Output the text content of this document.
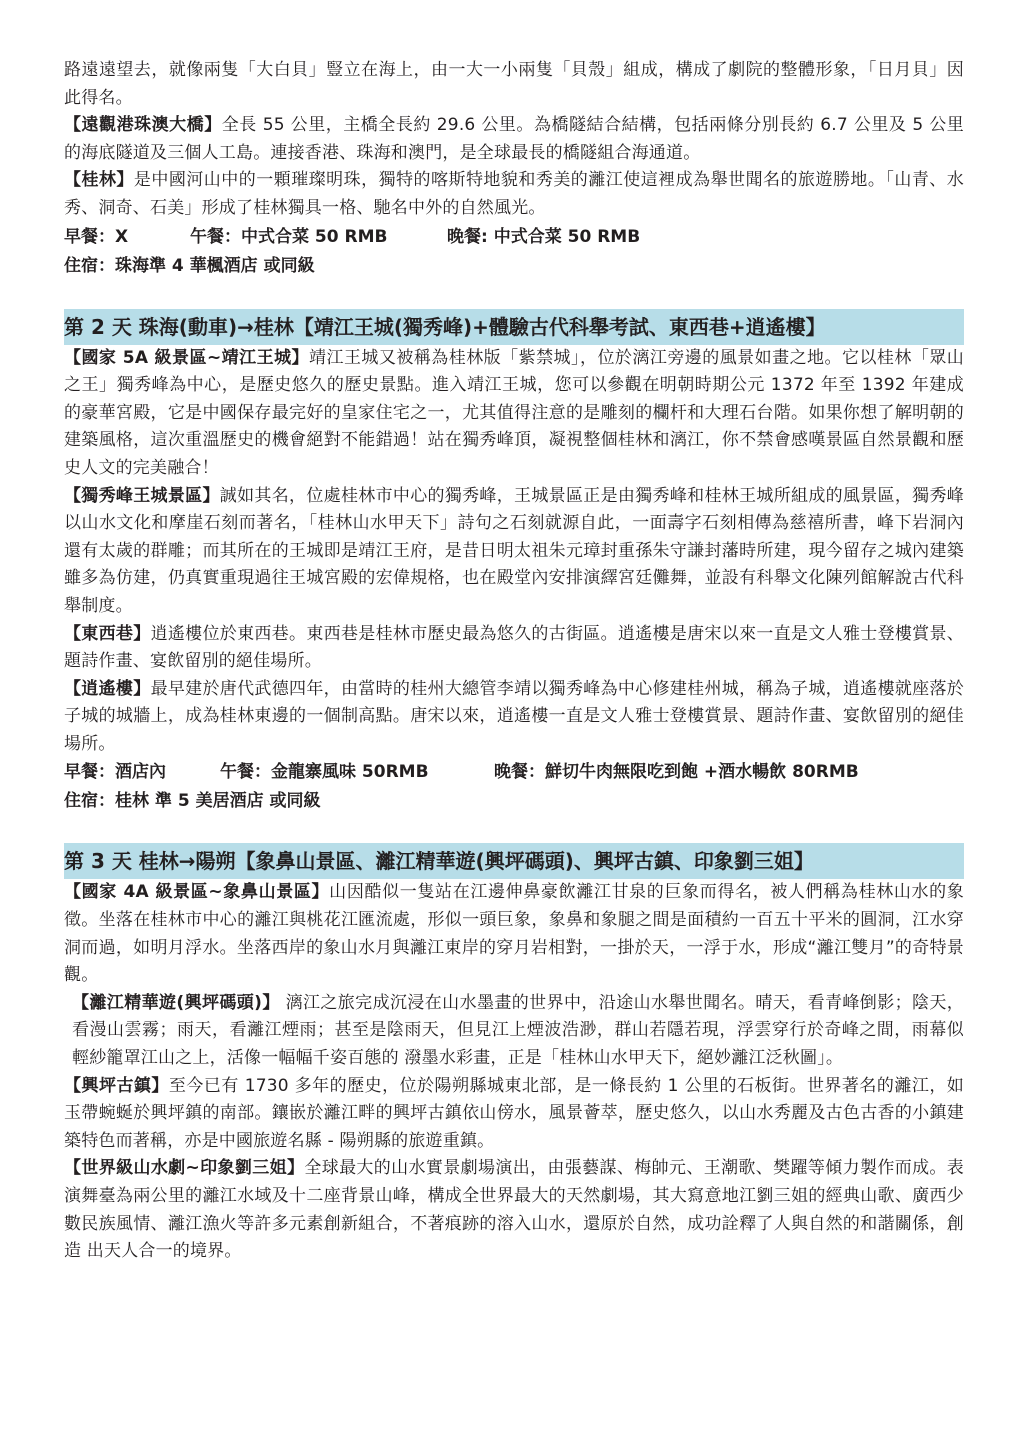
路遠遠望去，就像兩隻「大白貝」豎立在海上，由一大一小兩隻「貝殼」組成，構成了劇院的整體形象，「日月貝」因此得名。

【遠觀港珠澳大橋】全長 55 公里，主橋全長約 29.6 公里。為橋隧結合結構，包括兩條分別長約 6.7 公里及 5 公里的海底隧道及三個人工島。連接香港、珠海和澳門，是全球最長的橋隧組合海通道。

【桂林】是中國河山中的一顆璀璨明珠，獨特的喀斯特地貌和秀美的灕江使這裡成為舉世聞名的旅遊勝地。「山青、水秀、洞奇、石美」形成了桂林獨具一格、馳名中外的自然風光。

早餐：X	午餐：中式合菜 50 RMB	晚餐: 中式合菜 50 RMB

住宿：珠海準 4 華楓酒店 或同級

第 2 天 珠海(動車)→桂林【靖江王城(獨秀峰)+體驗古代科舉考試、東西巷+逍遙樓】

【國家 5A 級景區~靖江王城】靖江王城又被稱為桂林版「紫禁城」，位於漓江旁邊的風景如畫之地。它以桂林「眾山之王」獨秀峰為中心，是歷史悠久的歷史景點。進入靖江王城，您可以參觀在明朝時期公元 1372 年至 1392 年建成的豪華宮殿，它是中國保存最完好的皇家住宅之一，尤其值得注意的是雕刻的欄杆和大理石台階。如果你想了解明朝的建築風格，這次重溫歷史的機會絕對不能錯過！站在獨秀峰頂，凝視整個桂林和漓江，你不禁會感嘆景區自然景觀和歷史人文的完美融合！

【獨秀峰王城景區】誠如其名，位處桂林市中心的獨秀峰，王城景區正是由獨秀峰和桂林王城所組成的風景區，獨秀峰以山水文化和摩崖石刻而著名，「桂林山水甲天下」詩句之石刻就源自此，一面壽字石刻相傳為慈禧所書，峰下岩洞內還有太歲的群雕；而其所在的王城即是靖江王府，是昔日明太祖朱元璋封重孫朱守謙封藩時所建，現今留存之城內建築雖多為仿建，仍真實重現過往王城宮殿的宏偉規格，也在殿堂內安排演繹宮廷儺舞，並設有科舉文化陳列館解說古代科舉制度。

【東西巷】逍遙樓位於東西巷。東西巷是桂林市歷史最為悠久的古街區。逍遙樓是唐宋以來一直是文人雅士登樓賞景、題詩作畫、宴飲留別的絕佳場所。

【逍遙樓】最早建於唐代武德四年，由當時的桂州大總管李靖以獨秀峰為中心修建桂州城，稱為子城，逍遙樓就座落於子城的城牆上，成為桂林東邊的一個制高點。唐宋以來，逍遙樓一直是文人雅士登樓賞景、題詩作畫、宴飲留別的絕佳場所。

早餐：酒店內	午餐：金龍寨風味 50RMB	晚餐：鮮切牛肉無限吃到飽 +酒水暢飲 80RMB

住宿：桂林 準 5 美居酒店 或同級

第 3 天 桂林→陽朔【象鼻山景區、灕江精華遊(興坪碼頭)、興坪古鎮、印象劉三姐】

【國家 4A 級景區~象鼻山景區】山因酷似一隻站在江邊伸鼻豪飲灕江甘泉的巨象而得名，被人們稱為桂林山水的象徵。坐落在桂林市中心的灕江與桃花江匯流處，形似一頭巨象，象鼻和象腿之間是面積約一百五十平米的圓洞，江水穿洞而過，如明月浮水。坐落西岸的象山水月與灕江東岸的穿月岩相對，一掛於天，一浮于水，形成“灕江雙月”的奇特景觀。

【灕江精華遊(興坪碼頭)】 漓江之旅完成沉浸在山水墨畫的世界中，沿途山水舉世聞名。晴天，看青峰倒影；陰天，看漫山雲霧；雨天，看灕江煙雨；甚至是陰雨天，但見江上煙波浩渺，群山若隱若現，浮雲穿行於奇峰之間，雨幕似輕紗籠罩江山之上，活像一幅幅千姿百態的 潑墨水彩畫，正是「桂林山水甲天下，絕妙灕江泛秋圖」。

【興坪古鎮】至今已有 1730 多年的歷史，位於陽朔縣城東北部，是一條長約 1 公里的石板街。世界著名的灕江，如玉帶蜿蜒於興坪鎮的南部。鑲嵌於灕江畔的興坪古鎮依山傍水，風景薈萃，歷史悠久，以山水秀麗及古色古香的小鎮建築特色而著稱，亦是中國旅遊名縣 - 陽朔縣的旅遊重鎮。

【世界級山水劇~印象劉三姐】全球最大的山水實景劇場演出，由張藝謀、梅帥元、王潮歌、樊躍等傾力製作而成。表演舞臺為兩公里的灕江水域及十二座背景山峰，構成全世界最大的天然劇場，其大寫意地江劉三姐的經典山歌、廣西少數民族風情、灕江漁火等許多元素創新組合，不著痕跡的溶入山水，還原於自然，成功詮釋了人與自然的和諧關係，創造 出天人合一的境界。
